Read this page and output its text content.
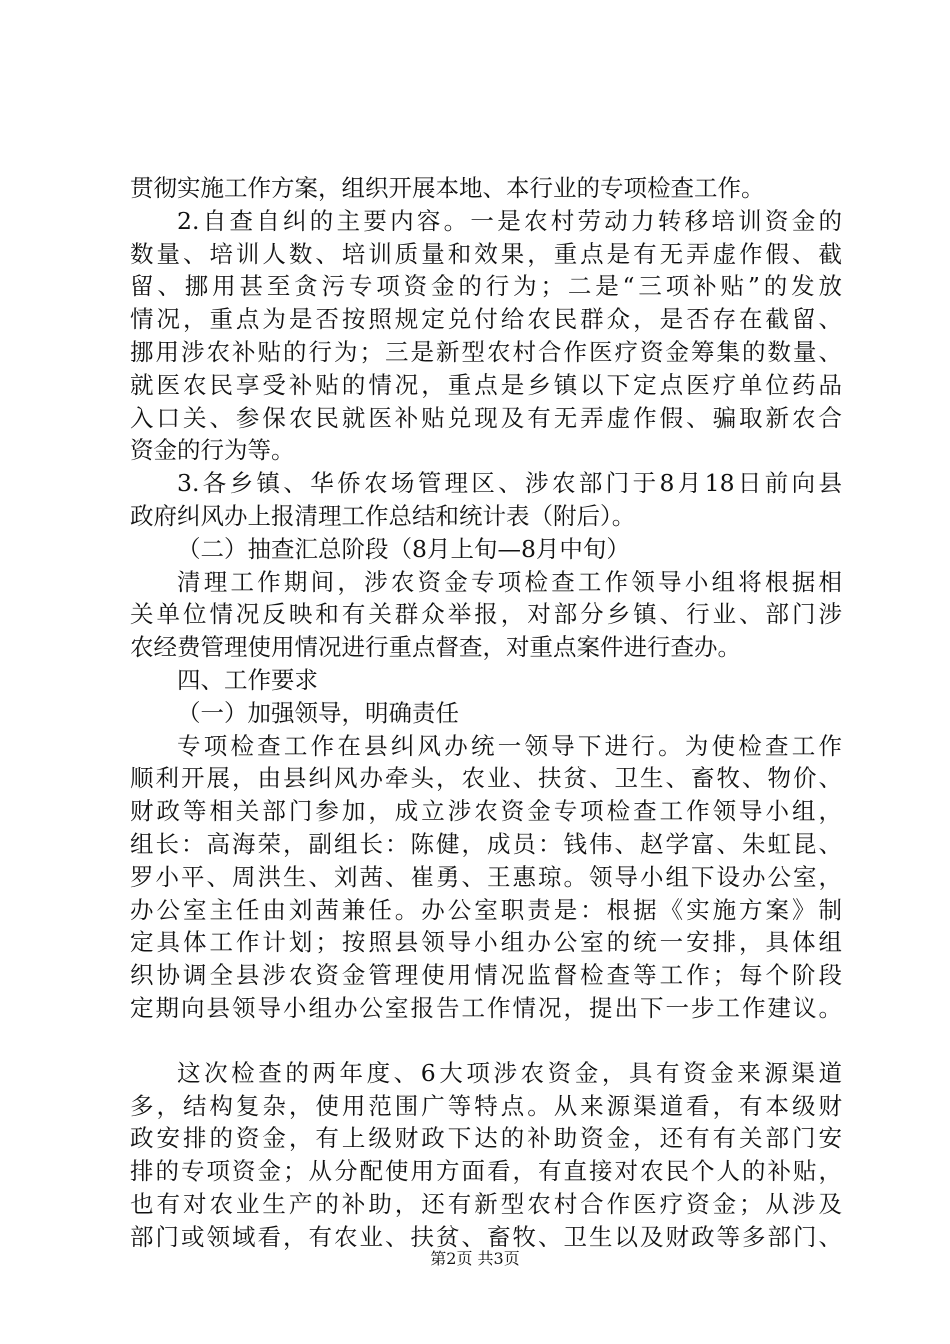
贯彻实施工作方案，组织开展本地、本行业的专项检查工作。
2.自查自纠的主要内容。一是农村劳动力转移培训资金的
数量、培训人数、培训质量和效果，重点是有无弄虚作假、截
留、挪用甚至贪污专项资金的行为；二是“三项补贴”的发放
情况，重点为是否按照规定兑付给农民群众，是否存在截留、
挪用涉农补贴的行为；三是新型农村合作医疗资金筹集的数量、
就医农民享受补贴的情况，重点是乡镇以下定点医疗单位药品
入口关、参保农民就医补贴兑现及有无弄虚作假、骗取新农合
资金的行为等。
3.各乡镇、华侨农场管理区、涉农部门于8月18日前向县
政府纠风办上报清理工作总结和统计表（附后）。
（二）抽查汇总阶段（8月上旬—8月中旬）
清理工作期间，涉农资金专项检查工作领导小组将根据相
关单位情况反映和有关群众举报，对部分乡镇、行业、部门涉
农经费管理使用情况进行重点督查，对重点案件进行查办。
四、工作要求
（一）加强领导，明确责任
专项检查工作在县纠风办统一领导下进行。为使检查工作
顺利开展，由县纠风办牵头，农业、扶贫、卫生、畜牧、物价、
财政等相关部门参加，成立涉农资金专项检查工作领导小组，
组长：高海荣，副组长：陈健，成员：钱伟、赵学富、朱虹昆、
罗小平、周洪生、刘茜、崔勇、王惠琼。领导小组下设办公室，
办公室主任由刘茜兼任。办公室职责是：根据《实施方案》制
定具体工作计划；按照县领导小组办公室的统一安排，具体组
织协调全县涉农资金管理使用情况监督检查等工作；每个阶段
定期向县领导小组办公室报告工作情况，提出下一步工作建议。
这次检查的两年度、6大项涉农资金，具有资金来源渠道
多，结构复杂，使用范围广等特点。从来源渠道看，有本级财
政安排的资金，有上级财政下达的补助资金，还有有关部门安
排的专项资金；从分配使用方面看，有直接对农民个人的补贴，
也有对农业生产的补助，还有新型农村合作医疗资金；从涉及
部门或领域看，有农业、扶贫、畜牧、卫生以及财政等多部门、
第2页 共3页
